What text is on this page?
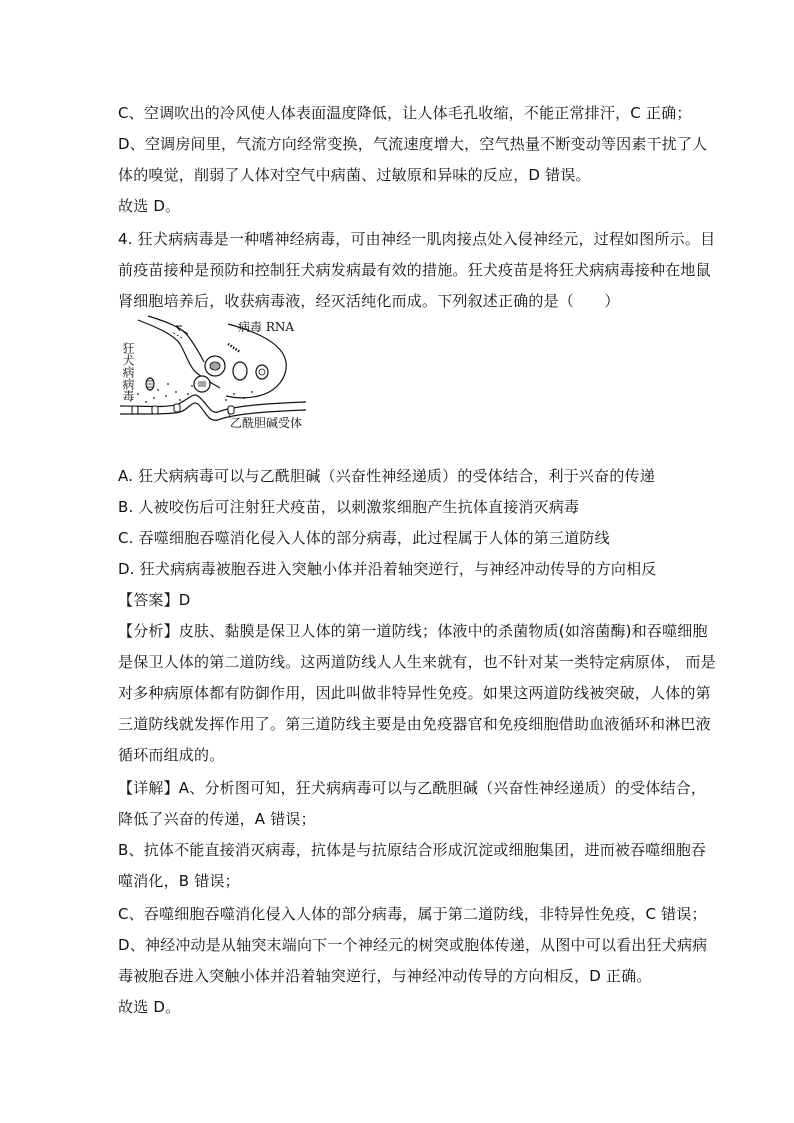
C、空调吹出的冷风使人体表面温度降低，让人体毛孔收缩，不能正常排汗，C 正确；
D、空调房间里，气流方向经常变换，气流速度增大，空气热量不断变动等因素干扰了人
体的嗅觉，削弱了人体对空气中病菌、过敏原和异味的反应，D 错误。
故选 D。
4. 狂犬病病毒是一种嗜神经病毒，可由神经一肌肉接点处入侵神经元，过程如图所示。目
前疫苗接种是预防和控制狂犬病发病最有效的措施。狂犬疫苗是将狂犬病病毒接种在地鼠
肾细胞培养后，收获病毒液，经灭活纯化而成。下列叙述正确的是（　　）
病毒 RNA
狂犬病病毒
乙酰胆碱受体
A. 狂犬病病毒可以与乙酰胆碱（兴奋性神经递质）的受体结合，利于兴奋的传递
B. 人被咬伤后可注射狂犬疫苗，以刺激浆细胞产生抗体直接消灭病毒
C. 吞噬细胞吞噬消化侵入人体的部分病毒，此过程属于人体的第三道防线
D. 狂犬病病毒被胞吞进入突触小体并沿着轴突逆行，与神经冲动传导的方向相反
【答案】D
【分析】皮肤、黏膜是保卫人体的第一道防线；体液中的杀菌物质(如溶菌酶)和吞噬细胞
是保卫人体的第二道防线。这两道防线人人生来就有，也不针对某一类特定病原体， 而是
对多种病原体都有防御作用，因此叫做非特异性免疫。如果这两道防线被突破，人体的第
三道防线就发挥作用了。第三道防线主要是由免疫器官和免疫细胞借助血液循环和淋巴液
循环而组成的。
【详解】A、分析图可知，狂犬病病毒可以与乙酰胆碱（兴奋性神经递质）的受体结合，
降低了兴奋的传递，A 错误；
B、抗体不能直接消灭病毒，抗体是与抗原结合形成沉淀或细胞集团，进而被吞噬细胞吞
噬消化，B 错误；
C、吞噬细胞吞噬消化侵入人体的部分病毒，属于第二道防线，非特异性免疫，C 错误；
D、神经冲动是从轴突末端向下一个神经元的树突或胞体传递，从图中可以看出狂犬病病
毒被胞吞进入突触小体并沿着轴突逆行，与神经冲动传导的方向相反，D 正确。
故选 D。
